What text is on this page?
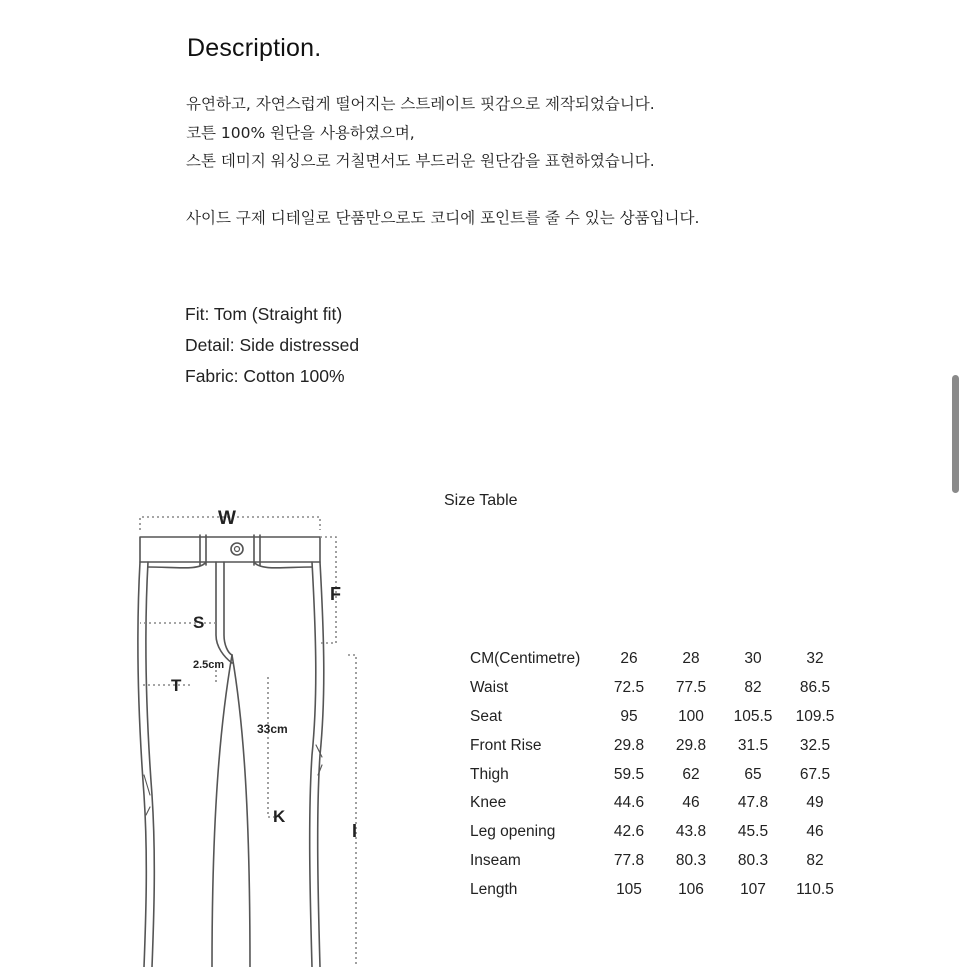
Description.

유연하고, 자연스럽게 떨어지는 스트레이트 핏감으로 제작되었습니다.

코튼 100% 원단을 사용하였으며,

스톤 데미지 워싱으로 거칠면서도 부드러운 원단감을 표현하였습니다.

사이드 구제 디테일로 단품만으로도 코디에 포인트를 줄 수 있는 상품입니다.

Fit: Tom (Straight fit)

Detail: Side distressed

Fabric: Cotton 100%

W
F
S
T
2.5cm
33cm
K
I
Size Table
CM(Centimetre)	26	28	30	32
Waist	72.5	77.5	82	86.5
Seat	95	100	105.5	109.5
Front Rise	29.8	29.8	31.5	32.5
Thigh	59.5	62	65	67.5
Knee	44.6	46	47.8	49
Leg opening	42.6	43.8	45.5	46
Inseam	77.8	80.3	80.3	82
Length	105	106	107	110.5
